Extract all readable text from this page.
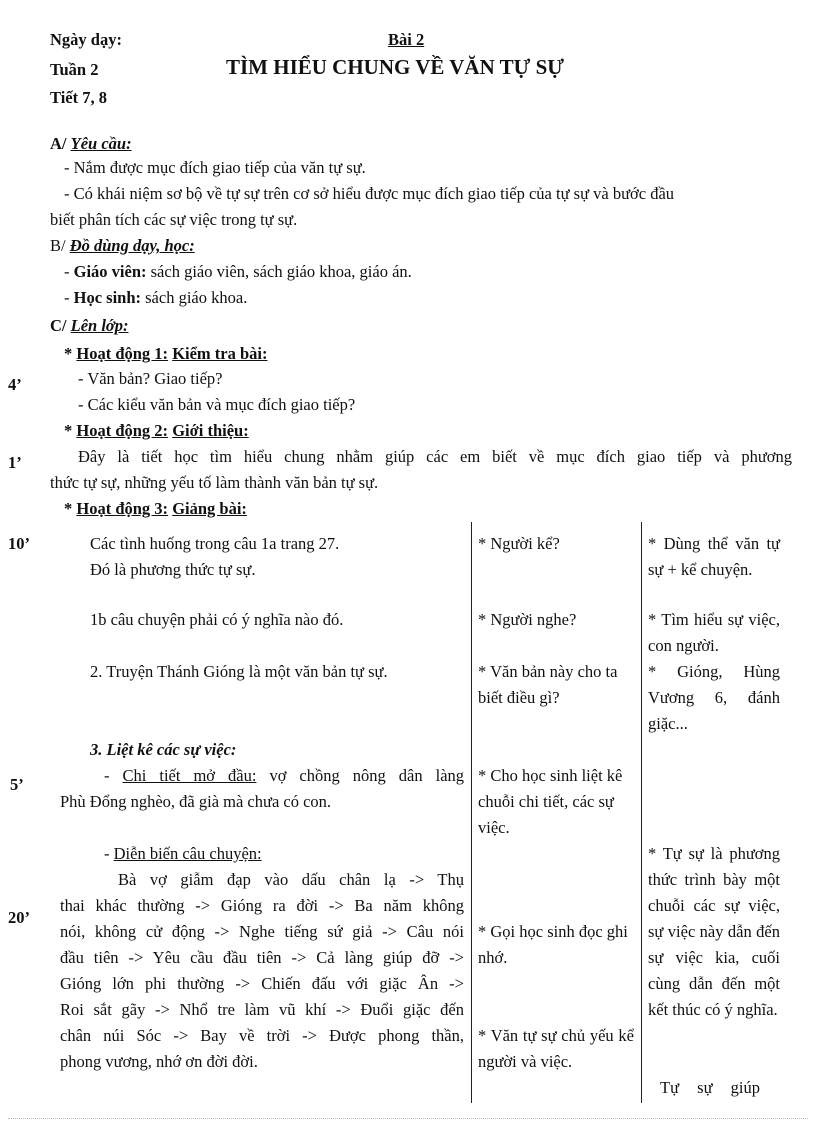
Ngày dạy:
Tuần 2
Tiết 7, 8
Bài 2
TÌM HIỂU CHUNG VỀ VĂN TỰ SỰ
A/ Yêu cầu:
- Nắm được mục đích giao tiếp của văn tự sự.
- Có khái niệm sơ bộ về tự sự trên cơ sở hiểu được mục đích giao tiếp của tự sự và bước đầu
biết phân tích các sự việc trong tự sự.
B/ Đồ dùng dạy, học:
- Giáo viên: sách giáo viên, sách giáo khoa, giáo án.
- Học sinh: sách giáo khoa.
C/ Lên lớp:
* Hoạt động 1: Kiểm tra bài:
4’	- Văn bản? Giao tiếp?
- Các kiểu văn bản và mục đích giao tiếp?
* Hoạt động 2: Giới thiệu:
1’	Đây là tiết học tìm hiểu chung nhằm giúp các em biết về mục đích giao tiếp và phương
thức tự sự, những yếu tố làm thành văn bản tự sự.
* Hoạt động 3: Giảng bài:
10’
5’
20’
Các tình huống trong câu 1a trang 27.
Đó là phương thức tự sự.
1b câu chuyện phải có ý nghĩa nào đó.
2. Truyện Thánh Gióng là một văn bản tự sự.
3. Liệt kê các sự việc:
- Chi tiết mở đầu: vợ chồng nông dân làng
Phù Đổng nghèo, đã già mà chưa có con.
- Diễn biến câu chuyện:
Bà vợ giẫm đạp vào dấu chân lạ -> Thụ
thai khác thường -> Gióng ra đời -> Ba năm không
nói, không cử động -> Nghe tiếng sứ giả -> Câu nói
đầu tiên -> Yêu cầu đầu tiên -> Cả làng giúp đỡ ->
Gióng lớn phi thường -> Chiến đấu với giặc Ân ->
Roi sắt gãy -> Nhổ tre làm vũ khí -> Đuổi giặc đến
chân núi Sóc -> Bay về trời -> Được phong thần,
phong vương, nhớ ơn đời đời.
* Người kể?
* Người nghe?
* Văn bản này cho ta biết điều gì?
* Cho học sinh liệt kê chuỗi chi tiết, các sự việc.
* Gọi học sinh đọc ghi nhớ.
* Văn tự sự chủ yếu kể người và việc.
* Dùng thể văn tự sự + kể chuyện.
* Tìm hiểu sự việc, con người.
* Gióng, Hùng Vương 6, đánh giặc...
* Tự sự là phương thức trình bày một chuỗi các sự việc, sự việc này dẫn đến sự việc kia, cuối cùng dẫn đến một kết thúc có ý nghĩa.
Tự sự giúp
